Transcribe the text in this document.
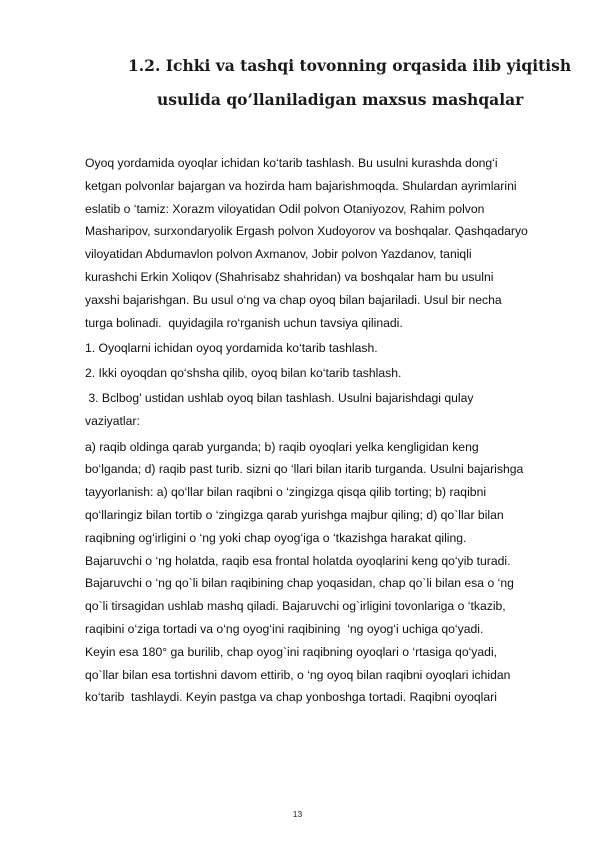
1.2. Ichki va tashqi tovonning orqasida ilib yiqitish
usulida qo’llaniladigan maxsus mashqalar
Oyoq yordamida oyoqlar ichidan ko‘tarib tashlash. Bu usulni kurashda dong‘i
ketgan polvonlar bajargan va hozirda ham bajarishmoqda. Shulardan ayrimlarini
eslatib o ‘tamiz: Xorazm viloyatidan Odil polvon Otaniyozov, Rahim polvon
Masharipov, surxondaryolik Ergash polvon Xudoyorov va boshqalar. Qashqadaryo
viloyatidan Abdumavlon polvon Axmanov, Jobir polvon Yazdanov, taniqli
kurashchi Erkin Xoliqov (Shahrisabz shahridan) va boshqalar ham bu usulni
yaxshi bajarishgan. Bu usul o‘ng va chap oyoq bilan bajariladi. Usul bir necha
turga bolinadi.  quyidagila ro‘rganish uchun tavsiya qilinadi.
1. Oyoqlarni ichidan oyoq yordamida ko‘tarib tashlash.
2. Ikki oyoqdan qo‘shsha qilib, oyoq bilan ko‘tarib tashlash.
3. Bclbog' ustidan ushlab oyoq bilan tashlash. Usulni bajarishdagi qulay
vaziyatlar:
a) raqib oldinga qarab yurganda; b) raqib oyoqlari yelka kengligidan keng
bo‘lganda; d) raqib past turib. sizni qo ‘llari bilan itarib turganda. Usulni bajarishga
tayyorlanish: a) qo‘llar bilan raqibni o ‘zingizga qisqa qilib torting; b) raqibni
qo‘llaringiz bilan tortib o ‘zingizga qarab yurishga majbur qiling; d) qo`llar bilan
raqibning og‘irligini o ‘ng yoki chap oyog‘iga o ‘tkazishga harakat qiling.
Bajaruvchi o ‘ng holatda, raqib esa frontal holatda oyoqlarini keng qo‘yib turadi.
Bajaruvchi o ‘ng qo`li bilan raqibining chap yoqasidan, chap qo`li bilan esa o ‘ng
qo`li tirsagidan ushlab mashq qiladi. Bajaruvchi og`irligini tovonlariga o ‘tkazib,
raqibini o‘ziga tortadi va o‘ng oyog‘ini raqibining  ‘ng oyog‘i uchiga qo‘yadi.
Keyin esa 180° ga burilib, chap oyog`ini raqibning oyoqlari o ‘rtasiga qo‘yadi,
qo`llar bilan esa tortishni davom ettirib, o ‘ng oyoq bilan raqibni oyoqlari ichidan
ko‘tarib  tashlaydi. Keyin pastga va chap yonboshga tortadi. Raqibni oyoqlari
13
